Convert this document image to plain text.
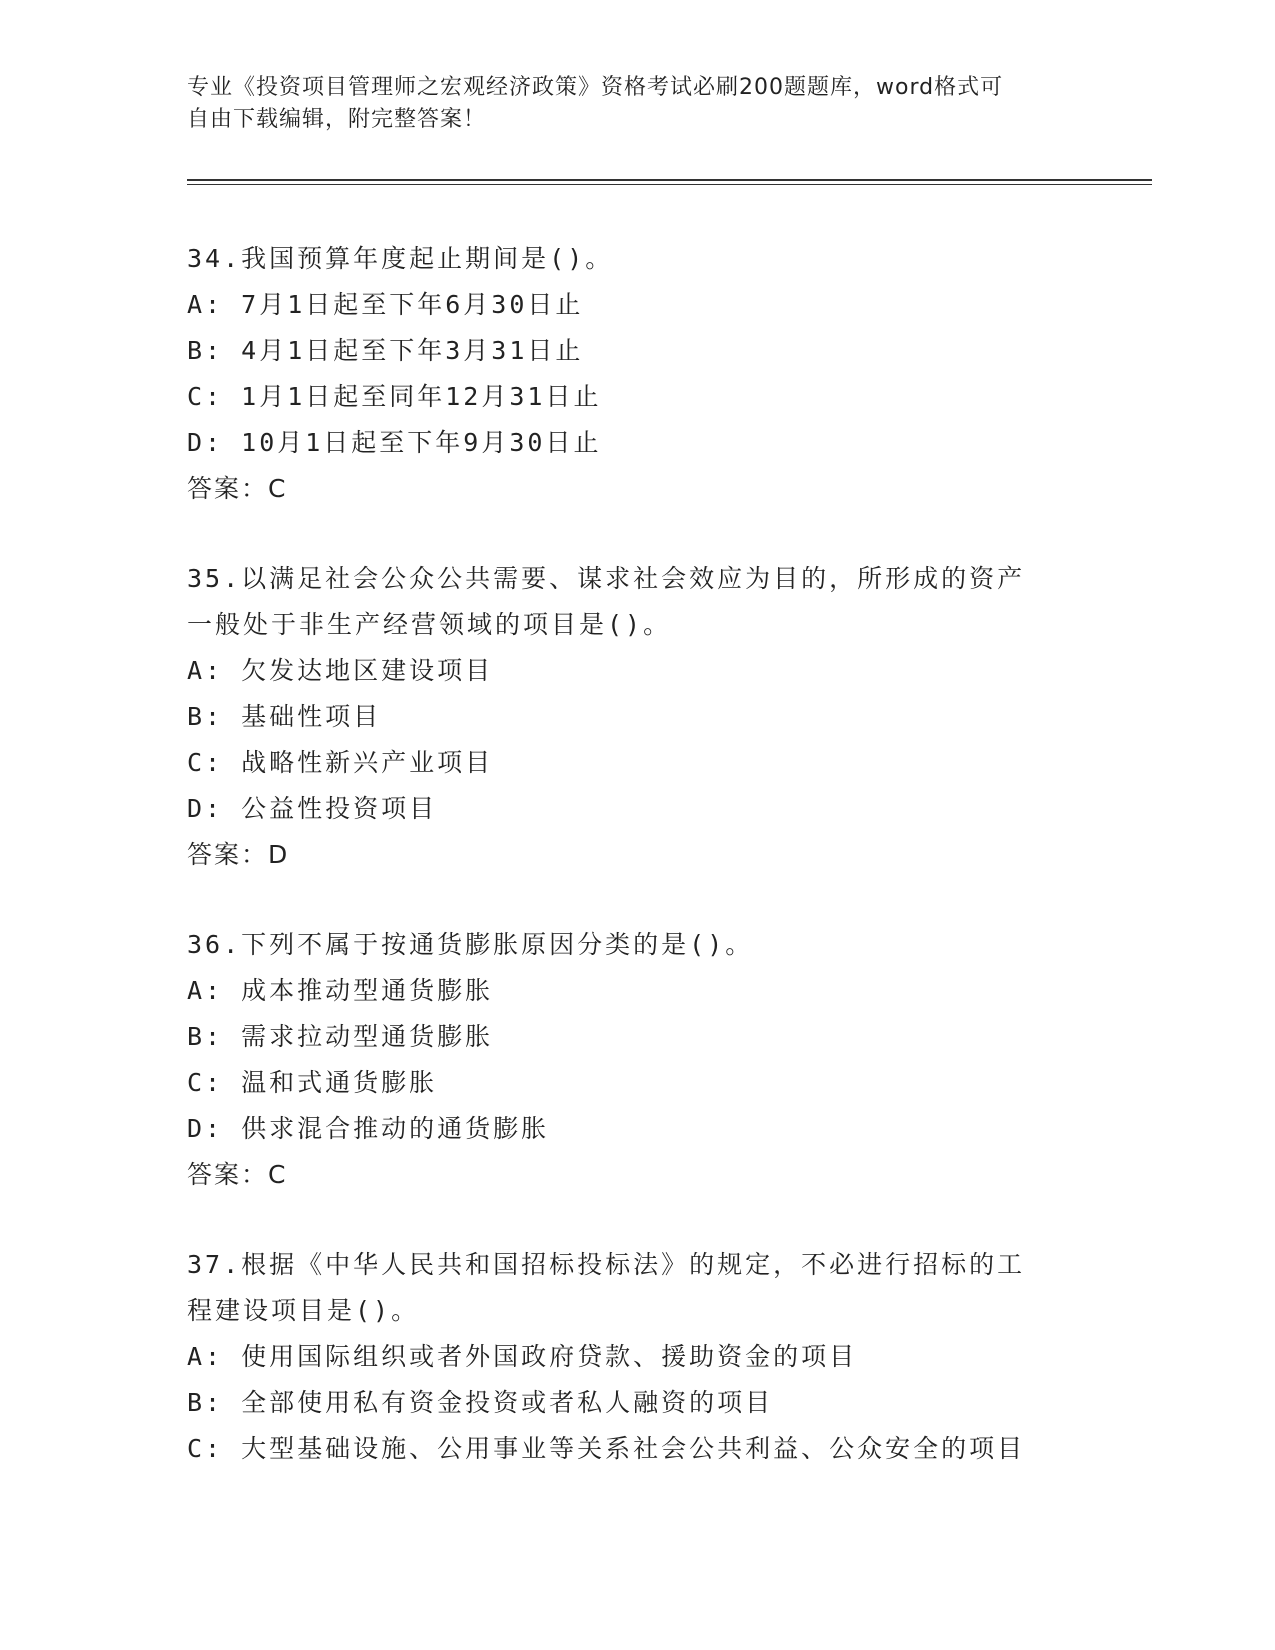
专业《投资项目管理师之宏观经济政策》资格考试必刷200题题库，word格式可
自由下载编辑，附完整答案！
34.我国预算年度起止期间是()。
A: 7月1日起至下年6月30日止
B: 4月1日起至下年3月31日止
C: 1月1日起至同年12月31日止
D: 10月1日起至下年9月30日止
答案：C
35.以满足社会公众公共需要、谋求社会效应为目的，所形成的资产一般处于非生产经营领域的项目是()。
A: 欠发达地区建设项目
B: 基础性项目
C: 战略性新兴产业项目
D: 公益性投资项目
答案：D
36.下列不属于按通货膨胀原因分类的是()。
A: 成本推动型通货膨胀
B: 需求拉动型通货膨胀
C: 温和式通货膨胀
D: 供求混合推动的通货膨胀
答案：C
37.根据《中华人民共和国招标投标法》的规定，不必进行招标的工程建设项目是()。
A: 使用国际组织或者外国政府贷款、援助资金的项目
B: 全部使用私有资金投资或者私人融资的项目
C: 大型基础设施、公用事业等关系社会公共利益、公众安全的项目
